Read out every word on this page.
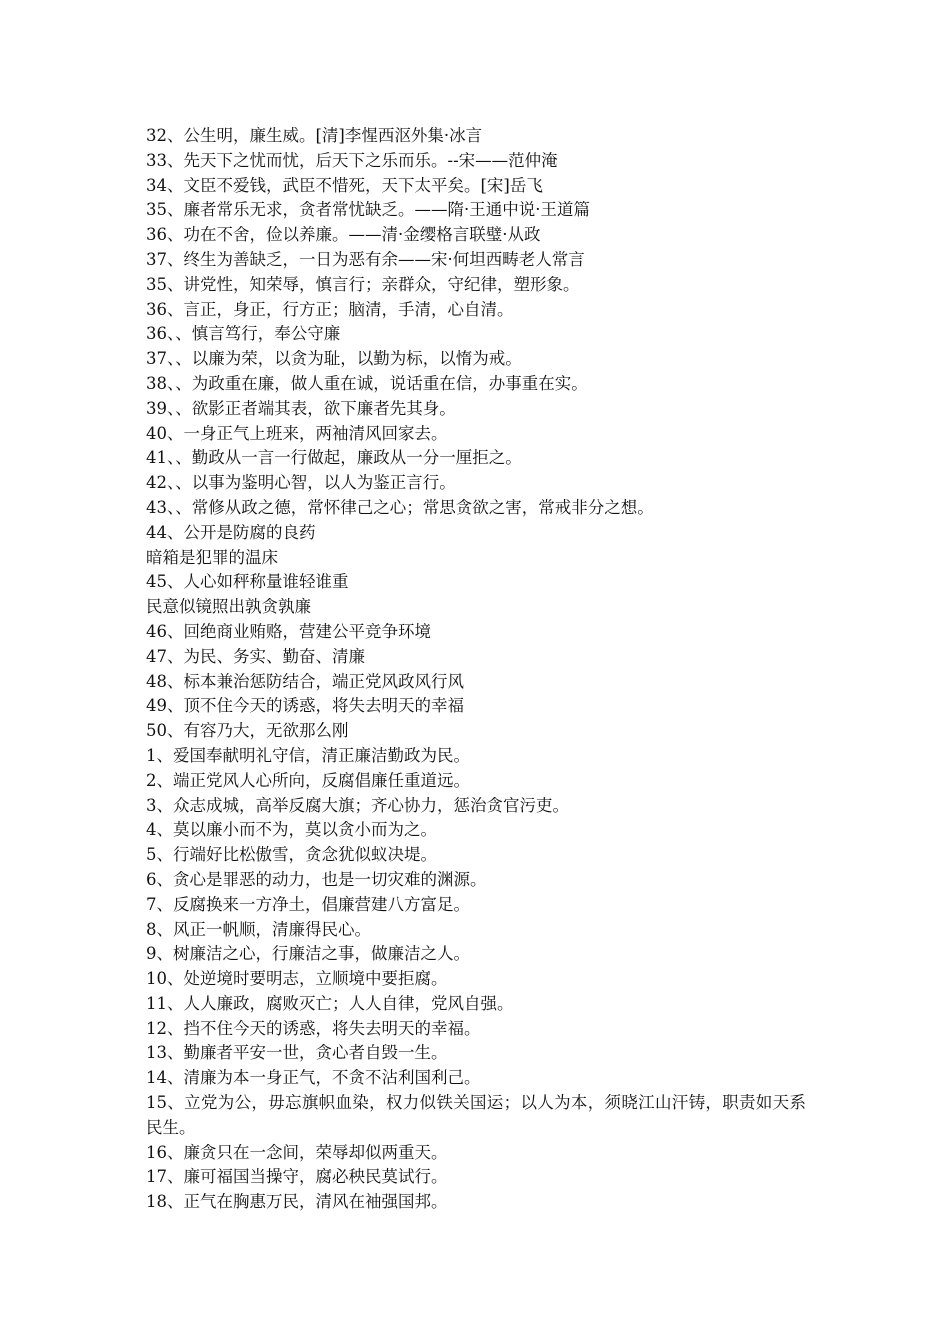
32、公生明，廉生威。[清]李惺西沤外集·冰言
33、先天下之忧而忧，后天下之乐而乐。--宋——范仲淹
34、文臣不爱钱，武臣不惜死，天下太平矣。[宋]岳飞
35、廉者常乐无求，贪者常忧缺乏。——隋·王通中说·王道篇
36、功在不舍，俭以养廉。——清·金缨格言联璧·从政
37、终生为善缺乏，一日为恶有余——宋·何坦西畴老人常言
35、讲党性，知荣辱，慎言行；亲群众，守纪律，塑形象。
36、言正，身正，行方正；脑清，手清，心自清。
36、、慎言笃行，奉公守廉
37、、以廉为荣，以贪为耻，以勤为标，以惰为戒。
38、、为政重在廉，做人重在诚，说话重在信，办事重在实。
39、、欲影正者端其表，欲下廉者先其身。
40、一身正气上班来，两袖清风回家去。
41、、勤政从一言一行做起，廉政从一分一厘拒之。
42、、以事为鉴明心智，以人为鉴正言行。
43、、常修从政之德，常怀律己之心；常思贪欲之害，常戒非分之想。
44、公开是防腐的良药
暗箱是犯罪的温床
45、人心如秤称量谁轻谁重
民意似镜照出孰贪孰廉
46、回绝商业贿赂，营建公平竞争环境
47、为民、务实、勤奋、清廉
48、标本兼治惩防结合，端正党风政风行风
49、顶不住今天的诱惑，将失去明天的幸福
50、有容乃大，无欲那么刚
1、爱国奉献明礼守信，清正廉洁勤政为民。
2、端正党风人心所向，反腐倡廉任重道远。
3、众志成城，高举反腐大旗；齐心协力，惩治贪官污吏。
4、莫以廉小而不为，莫以贪小而为之。
5、行端好比松傲雪，贪念犹似蚁决堤。
6、贪心是罪恶的动力，也是一切灾难的渊源。
7、反腐换来一方净土，倡廉营建八方富足。
8、风正一帆顺，清廉得民心。
9、树廉洁之心，行廉洁之事，做廉洁之人。
10、处逆境时要明志，立顺境中要拒腐。
11、人人廉政，腐败灭亡；人人自律，党风自强。
12、挡不住今天的诱惑，将失去明天的幸福。
13、勤廉者平安一世，贪心者自毁一生。
14、清廉为本一身正气，不贪不沾利国利己。
15、立党为公，毋忘旗帜血染，权力似铁关国运；以人为本，须晓江山汗铸，职责如天系民生。
16、廉贪只在一念间，荣辱却似两重天。
17、廉可福国当操守，腐必秧民莫试行。
18、正气在胸惠万民，清风在袖强国邦。
